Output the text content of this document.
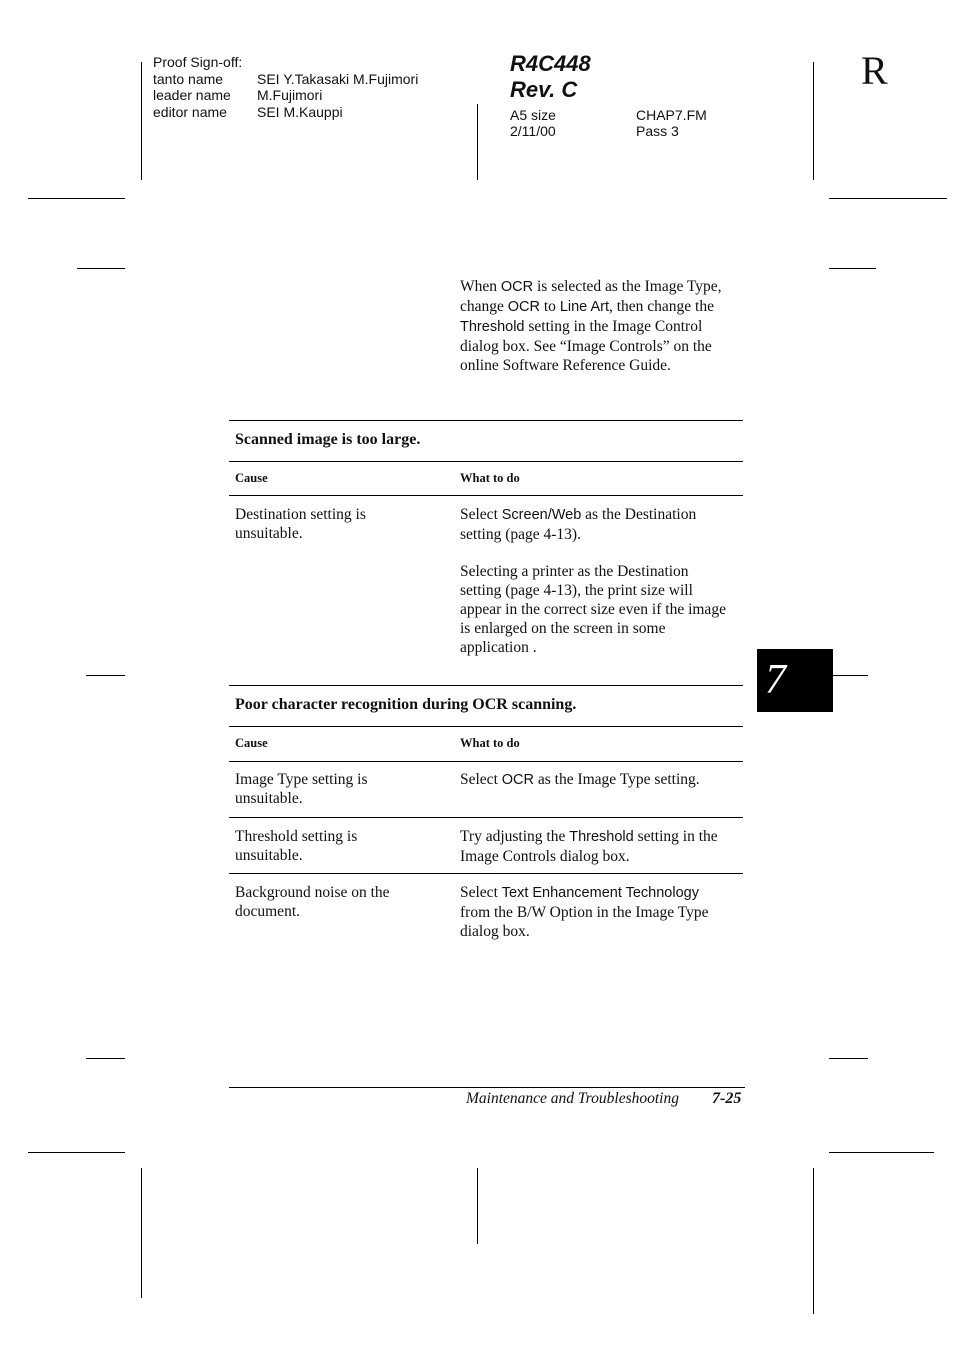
Proof Sign-off:
tanto name SEI Y.Takasaki M.Fujimori
leader name M.Fujimori
editor name SEI M.Kauppi
R4C448
Rev. C
A5 size
2/11/00
CHAP7.FM
Pass 3
R
When OCR is selected as the Image Type, change OCR to Line Art, then change the Threshold setting in the Image Control dialog box. See “Image Controls” on the online Software Reference Guide.
Scanned image is too large.
Cause	What to do
Destination setting is unsuitable.
Select Screen/Web as the Destination setting (page 4-13).
Selecting a printer as the Destination setting (page 4-13), the print size will appear in the correct size even if the image is enlarged on the screen in some application .
Poor character recognition during OCR scanning.
Cause	What to do
Image Type setting is unsuitable.
Select OCR as the Image Type setting.
Threshold setting is unsuitable.
Try adjusting the Threshold setting in the Image Controls dialog box.
Background noise on the document.
Select Text Enhancement Technology from the B/W Option in the Image Type dialog box.
7
Maintenance and Troubleshooting 7-25
